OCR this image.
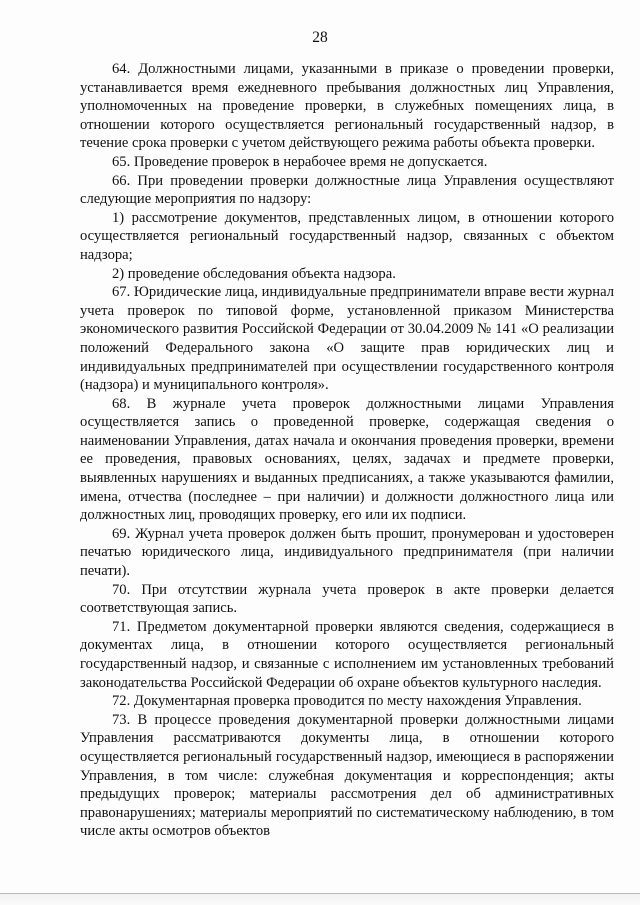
28

64. Должностными лицами, указанными в приказе о проведении проверки, устанавливается время ежедневного пребывания должностных лиц Управления, уполномоченных на проведение проверки, в служебных помещениях лица, в отношении которого осуществляется региональный государственный надзор, в течение срока проверки с учетом действующего режима работы объекта проверки.

65. Проведение проверок в нерабочее время не допускается.

66. При проведении проверки должностные лица Управления осуществляют следующие мероприятия по надзору:

1) рассмотрение документов, представленных лицом, в отношении которого осуществляется региональный государственный надзор, связанных с объектом надзора;

2) проведение обследования объекта надзора.

67. Юридические лица, индивидуальные предприниматели вправе вести журнал учета проверок по типовой форме, установленной приказом Министерства экономического развития Российской Федерации от 30.04.2009 № 141 «О реализации положений Федерального закона «О защите прав юридических лиц и индивидуальных предпринимателей при осуществлении государственного контроля (надзора) и муниципального контроля».

68. В журнале учета проверок должностными лицами Управления осуществляется запись о проведенной проверке, содержащая сведения о наименовании Управления, датах начала и окончания проведения проверки, времени ее проведения, правовых основаниях, целях, задачах и предмете проверки, выявленных нарушениях и выданных предписаниях, а также указываются фамилии, имена, отчества (последнее – при наличии) и должности должностного лица или должностных лиц, проводящих проверку, его или их подписи.

69. Журнал учета проверок должен быть прошит, пронумерован и удостоверен печатью юридического лица, индивидуального предпринимателя (при наличии печати).

70. При отсутствии журнала учета проверок в акте проверки делается соответствующая запись.

71. Предметом документарной проверки являются сведения, содержащиеся в документах лица, в отношении которого осуществляется региональный государственный надзор, и связанные с исполнением им установленных требований законодательства Российской Федерации об охране объектов культурного наследия.

72. Документарная проверка проводится по месту нахождения Управления.

73. В процессе проведения документарной проверки должностными лицами Управления рассматриваются документы лица, в отношении которого осуществляется региональный государственный надзор, имеющиеся в распоряжении Управления, в том числе: служебная документация и корреспонденция; акты предыдущих проверок; материалы рассмотрения дел об административных правонарушениях; материалы мероприятий по систематическому наблюдению, в том числе акты осмотров объектов
